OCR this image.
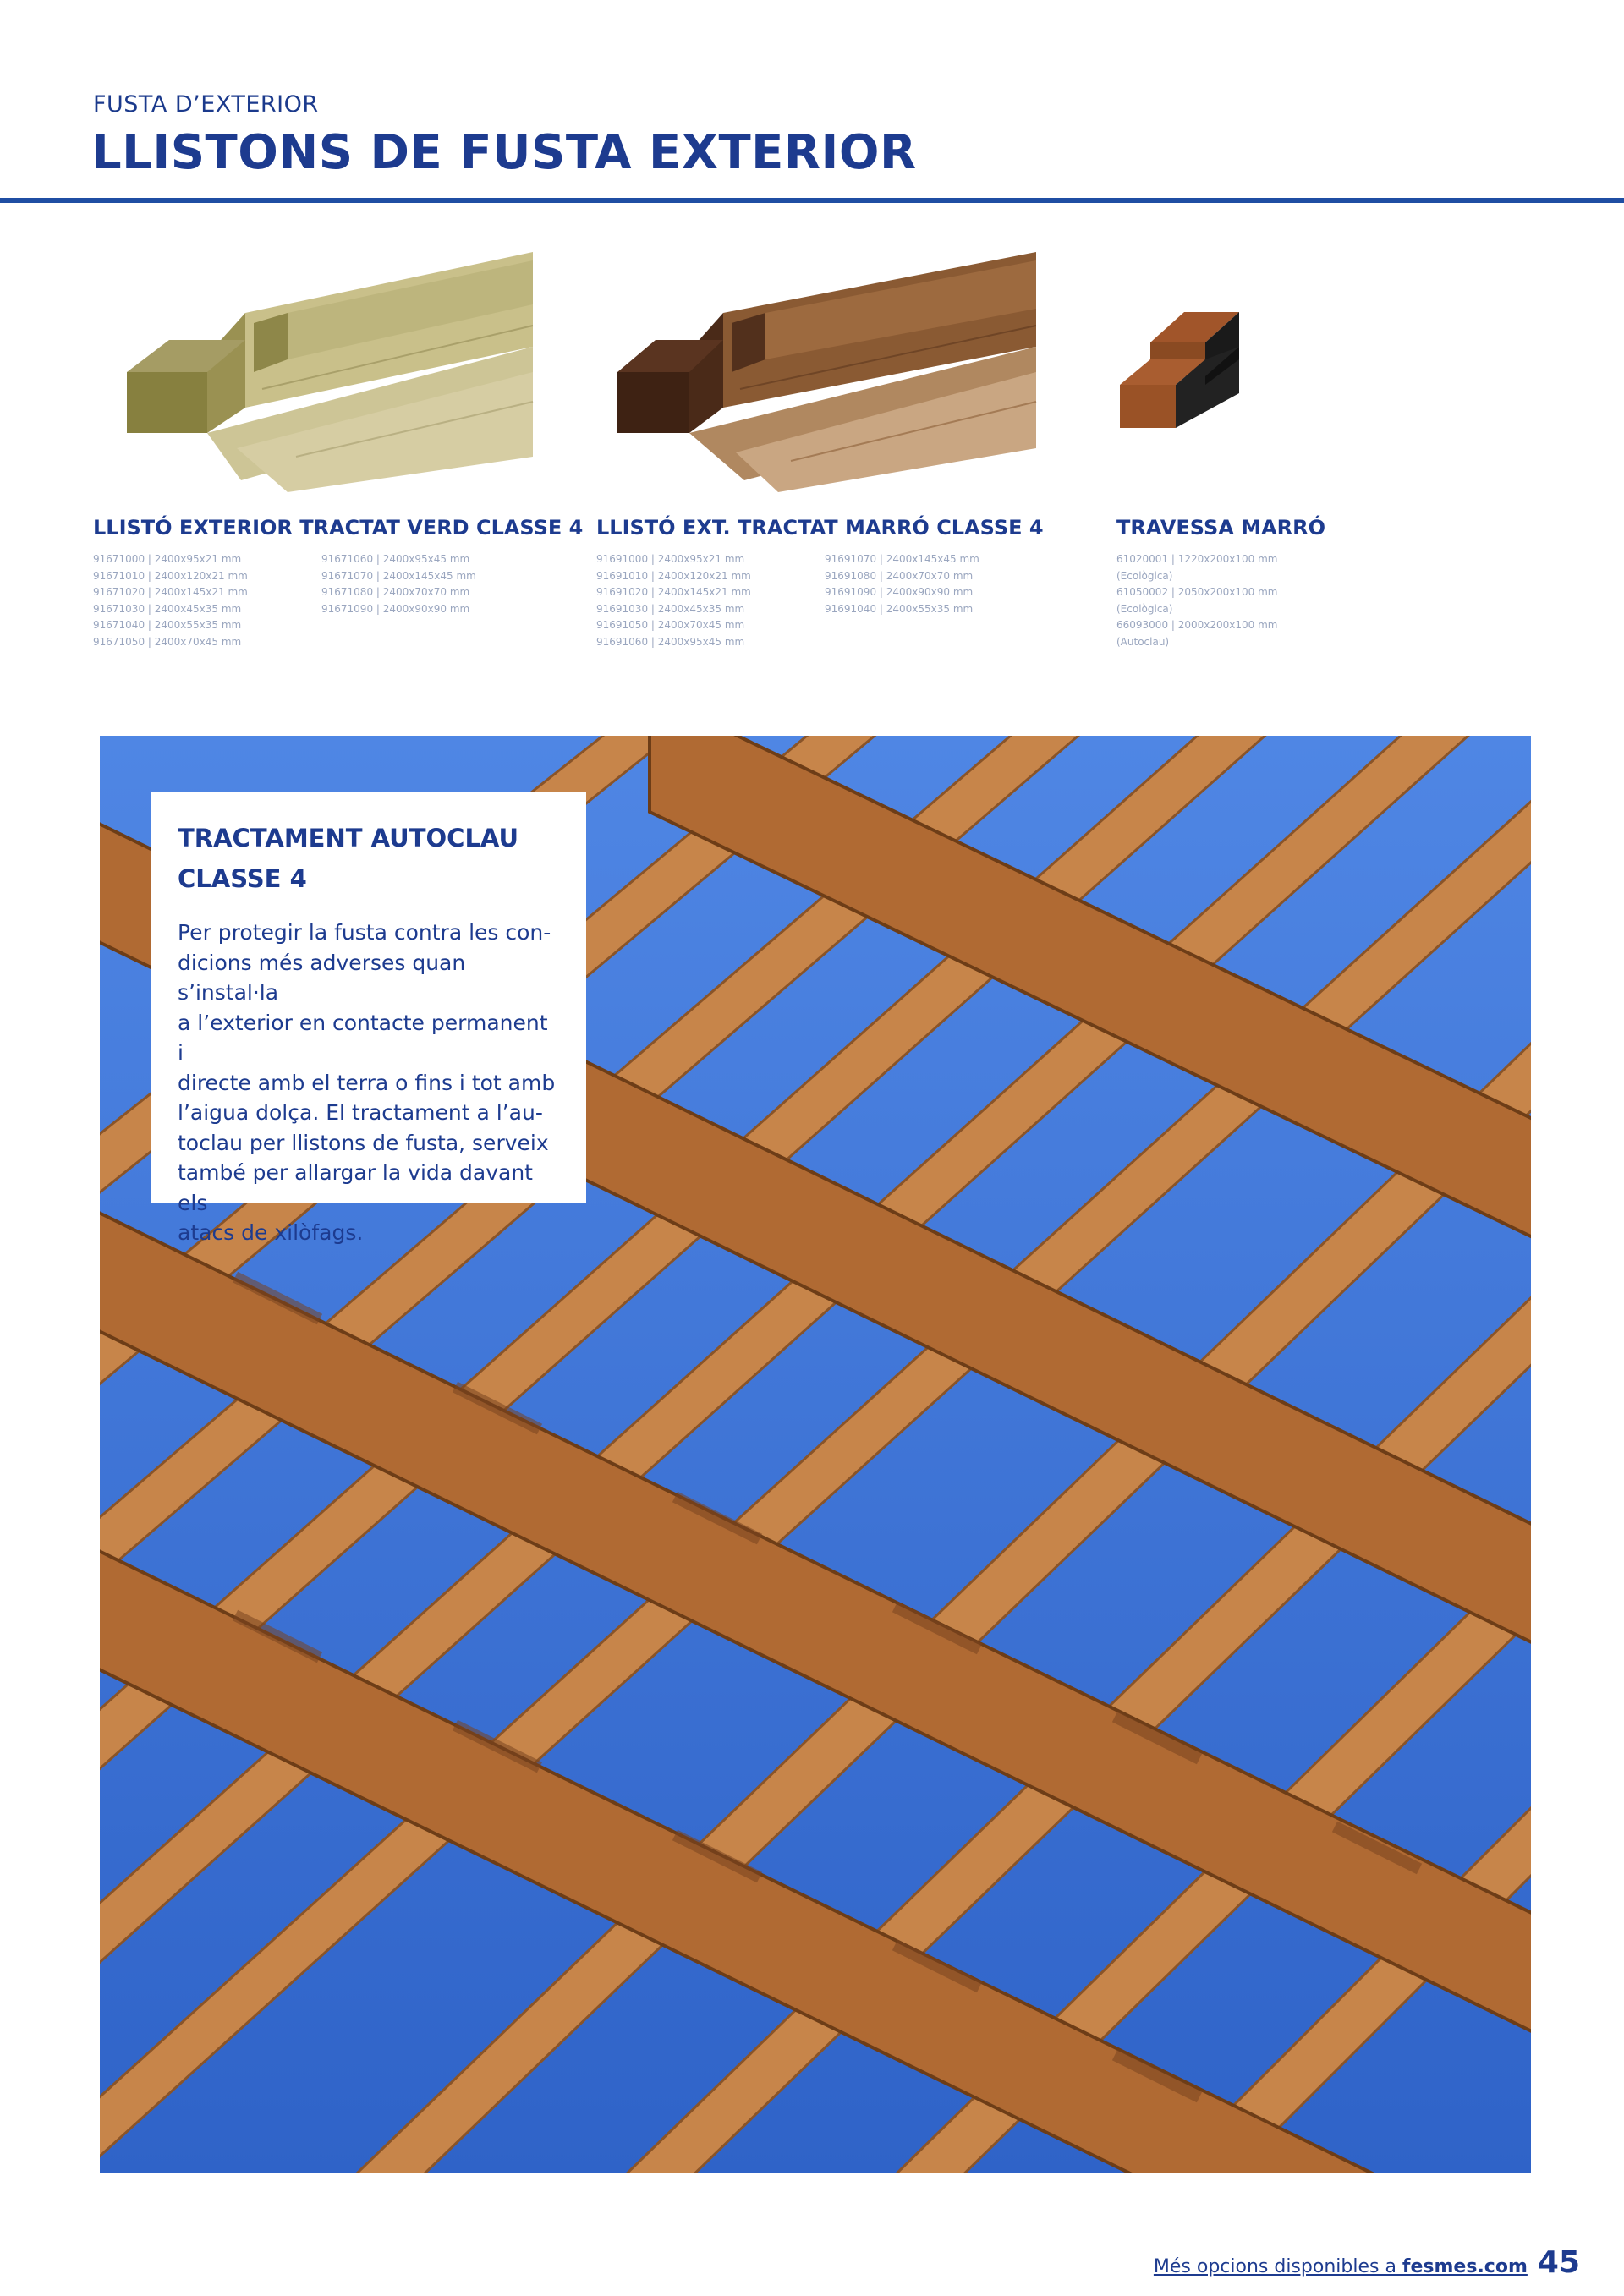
FUSTA D’EXTERIOR
LLISTONS DE FUSTA EXTERIOR
LLISTÓ EXTERIOR TRACTAT VERD CLASSE 4
91671000 | 2400x95x21 mm
91671010 | 2400x120x21 mm
91671020 | 2400x145x21 mm
91671030 | 2400x45x35 mm
91671040 | 2400x55x35 mm
91671050 | 2400x70x45 mm
91671060 | 2400x95x45 mm
91671070 | 2400x145x45 mm
91671080 | 2400x70x70 mm
91671090 | 2400x90x90 mm
LLISTÓ EXT. TRACTAT MARRÓ CLASSE 4
91691000 | 2400x95x21 mm
91691010 | 2400x120x21 mm
91691020 | 2400x145x21 mm
91691030 | 2400x45x35 mm
91691050 | 2400x70x45 mm
91691060 | 2400x95x45 mm
91691070 | 2400x145x45 mm
91691080 | 2400x70x70 mm
91691090 | 2400x90x90 mm
91691040 | 2400x55x35 mm
TRAVESSA MARRÓ
61020001 | 1220x200x100 mm
(Ecològica)
61050002 | 2050x200x100 mm
(Ecològica)
66093000 | 2000x200x100 mm
(Autoclau)
TRACTAMENT AUTOCLAU
CLASSE 4

Per protegir la fusta contra les con-

dicions més adverses quan s’instal·la

a l’exterior en contacte permanent i

directe amb el terra o fins i tot amb

l’aigua dolça. El tractament a l’au-

toclau per llistons de fusta, serveix

també per allargar la vida davant els

atacs de xilòfags.

Més opcions disponibles a fesmes.com 45
